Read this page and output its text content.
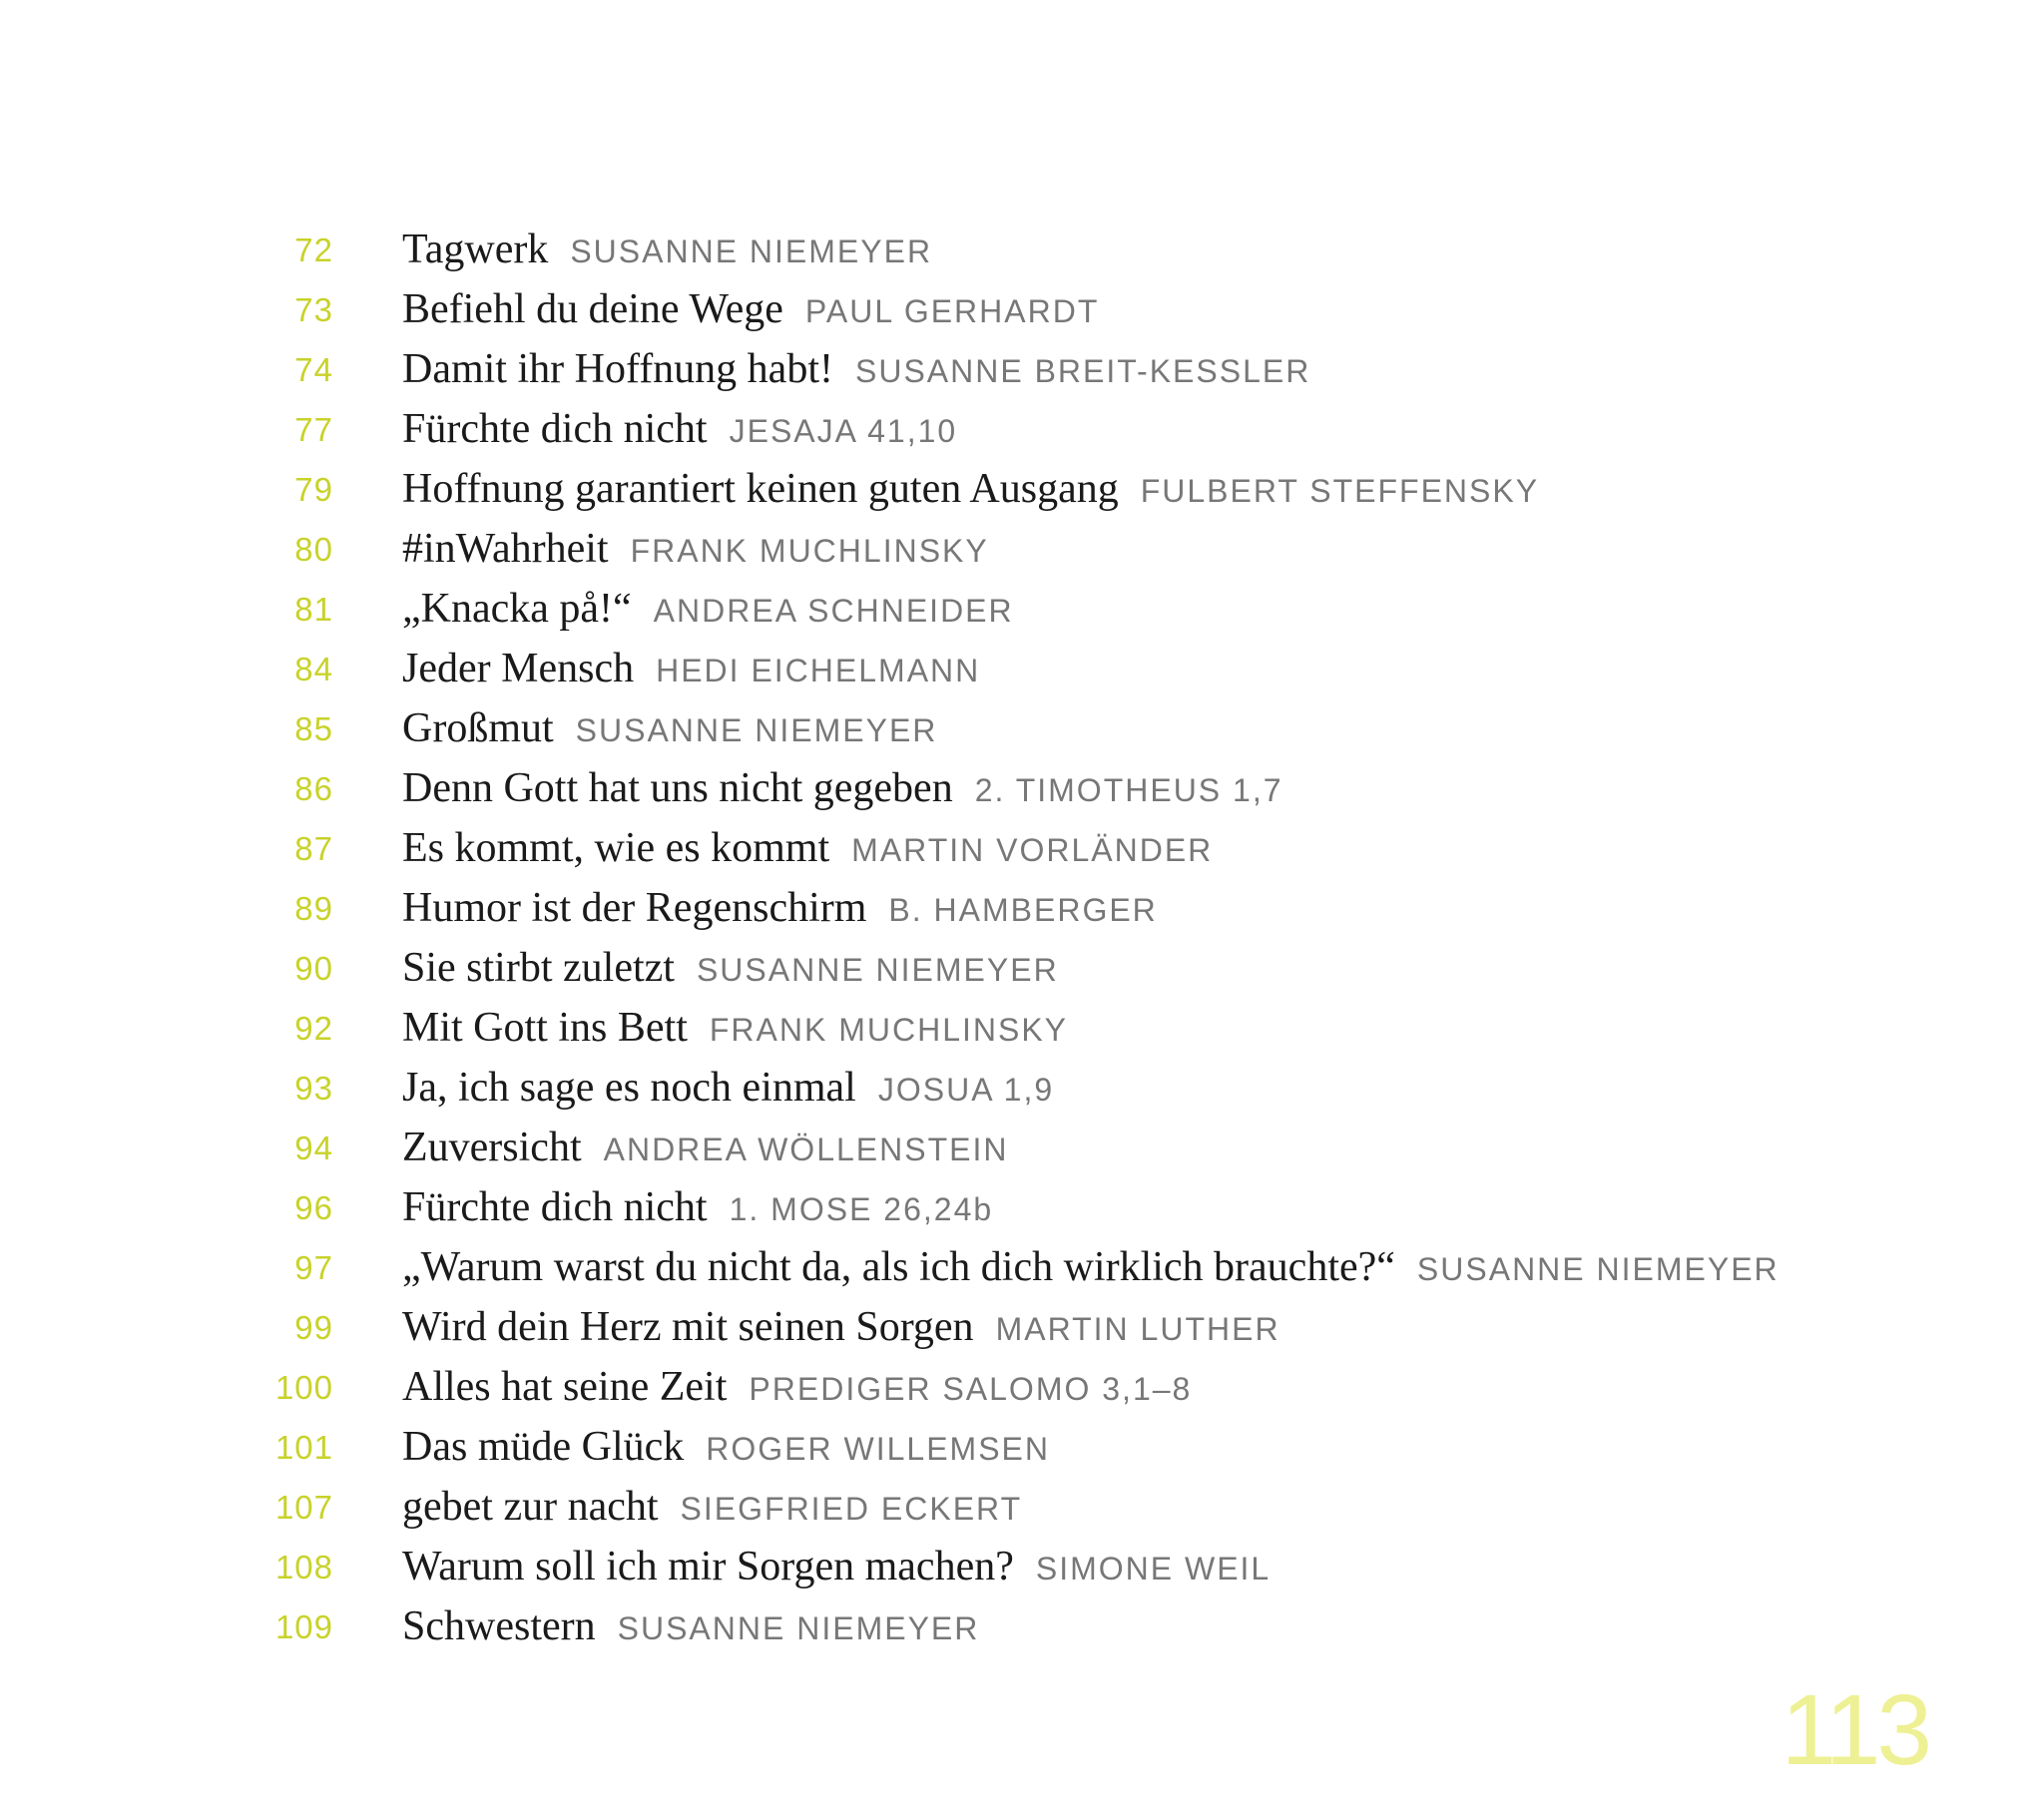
72 Tagwerk SUSANNE NIEMEYER
73 Befiehl du deine Wege PAUL GERHARDT
74 Damit ihr Hoffnung habt! SUSANNE BREIT-KESSLER
77 Fürchte dich nicht JESAJA 41,10
79 Hoffnung garantiert keinen guten Ausgang FULBERT STEFFENSKY
80 #inWahrheit FRANK MUCHLINSKY
81 „Knacka på!“ ANDREA SCHNEIDER
84 Jeder Mensch HEDI EICHELMANN
85 Großmut SUSANNE NIEMEYER
86 Denn Gott hat uns nicht gegeben 2. TIMOTHEUS 1,7
87 Es kommt, wie es kommt MARTIN VORLÄNDER
89 Humor ist der Regenschirm B. HAMBERGER
90 Sie stirbt zuletzt SUSANNE NIEMEYER
92 Mit Gott ins Bett FRANK MUCHLINSKY
93 Ja, ich sage es noch einmal JOSUA 1,9
94 Zuversicht ANDREA WÖLLENSTEIN
96 Fürchte dich nicht 1. MOSE 26,24b
97 „Warum warst du nicht da, als ich dich wirklich brauchte?“ SUSANNE NIEMEYER
99 Wird dein Herz mit seinen Sorgen MARTIN LUTHER
100 Alles hat seine Zeit PREDIGER SALOMO 3,1–8
101 Das müde Glück ROGER WILLEMSEN
107 gebet zur nacht SIEGFRIED ECKERT
108 Warum soll ich mir Sorgen machen? SIMONE WEIL
109 Schwestern SUSANNE NIEMEYER
113
